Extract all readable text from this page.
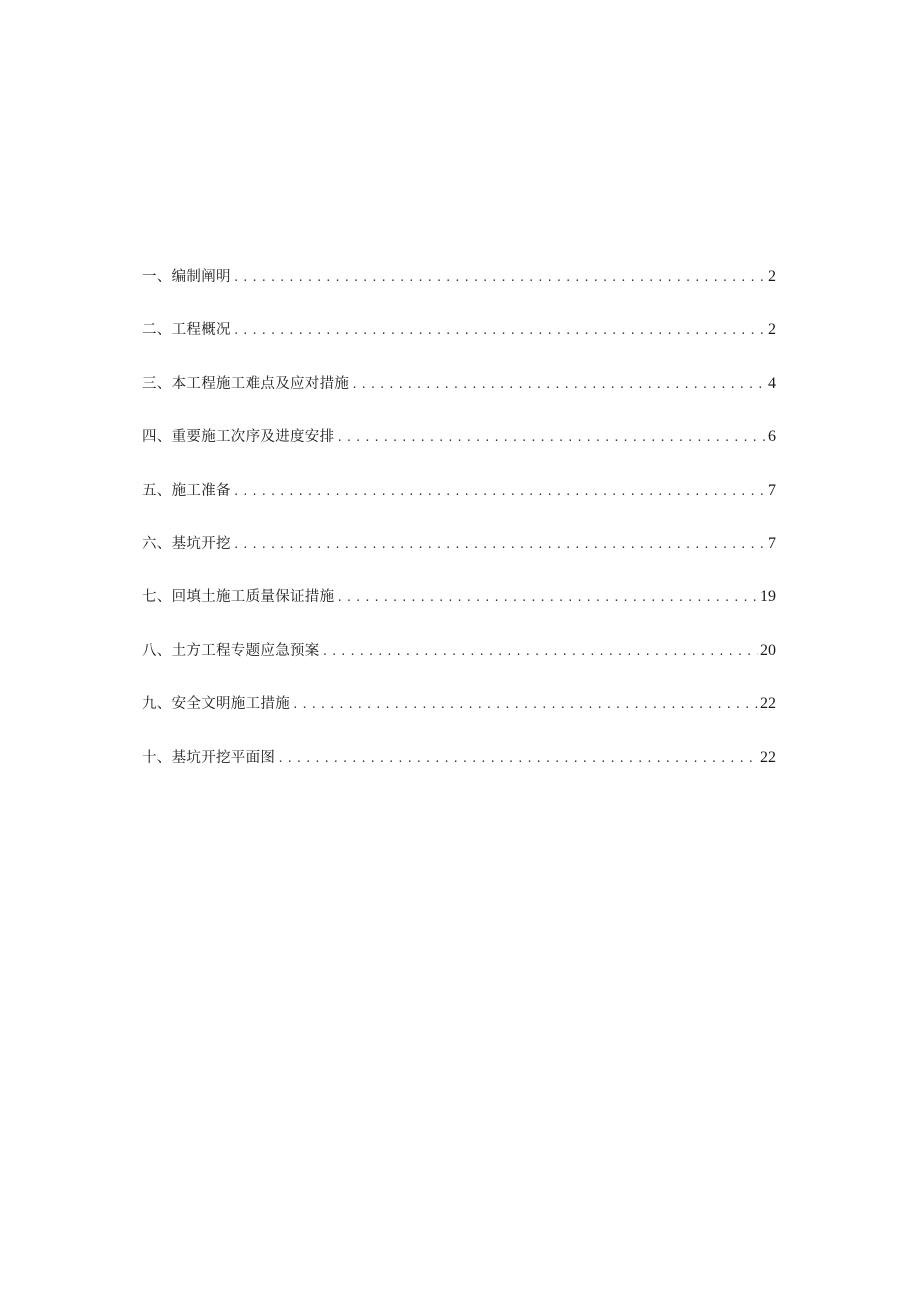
一、编制阐明 .....	2
二、工程概况 .....	2
三、本工程施工难点及应对措施 .....	4
四、重要施工次序及进度安排 .....	6
五、施工准备 .....	7
六、基坑开挖 .....	7
七、回填土施工质量保证措施 .....	19
八、土方工程专题应急预案 .....	20
九、安全文明施工措施 .....	22
十、基坑开挖平面图 .....	22
